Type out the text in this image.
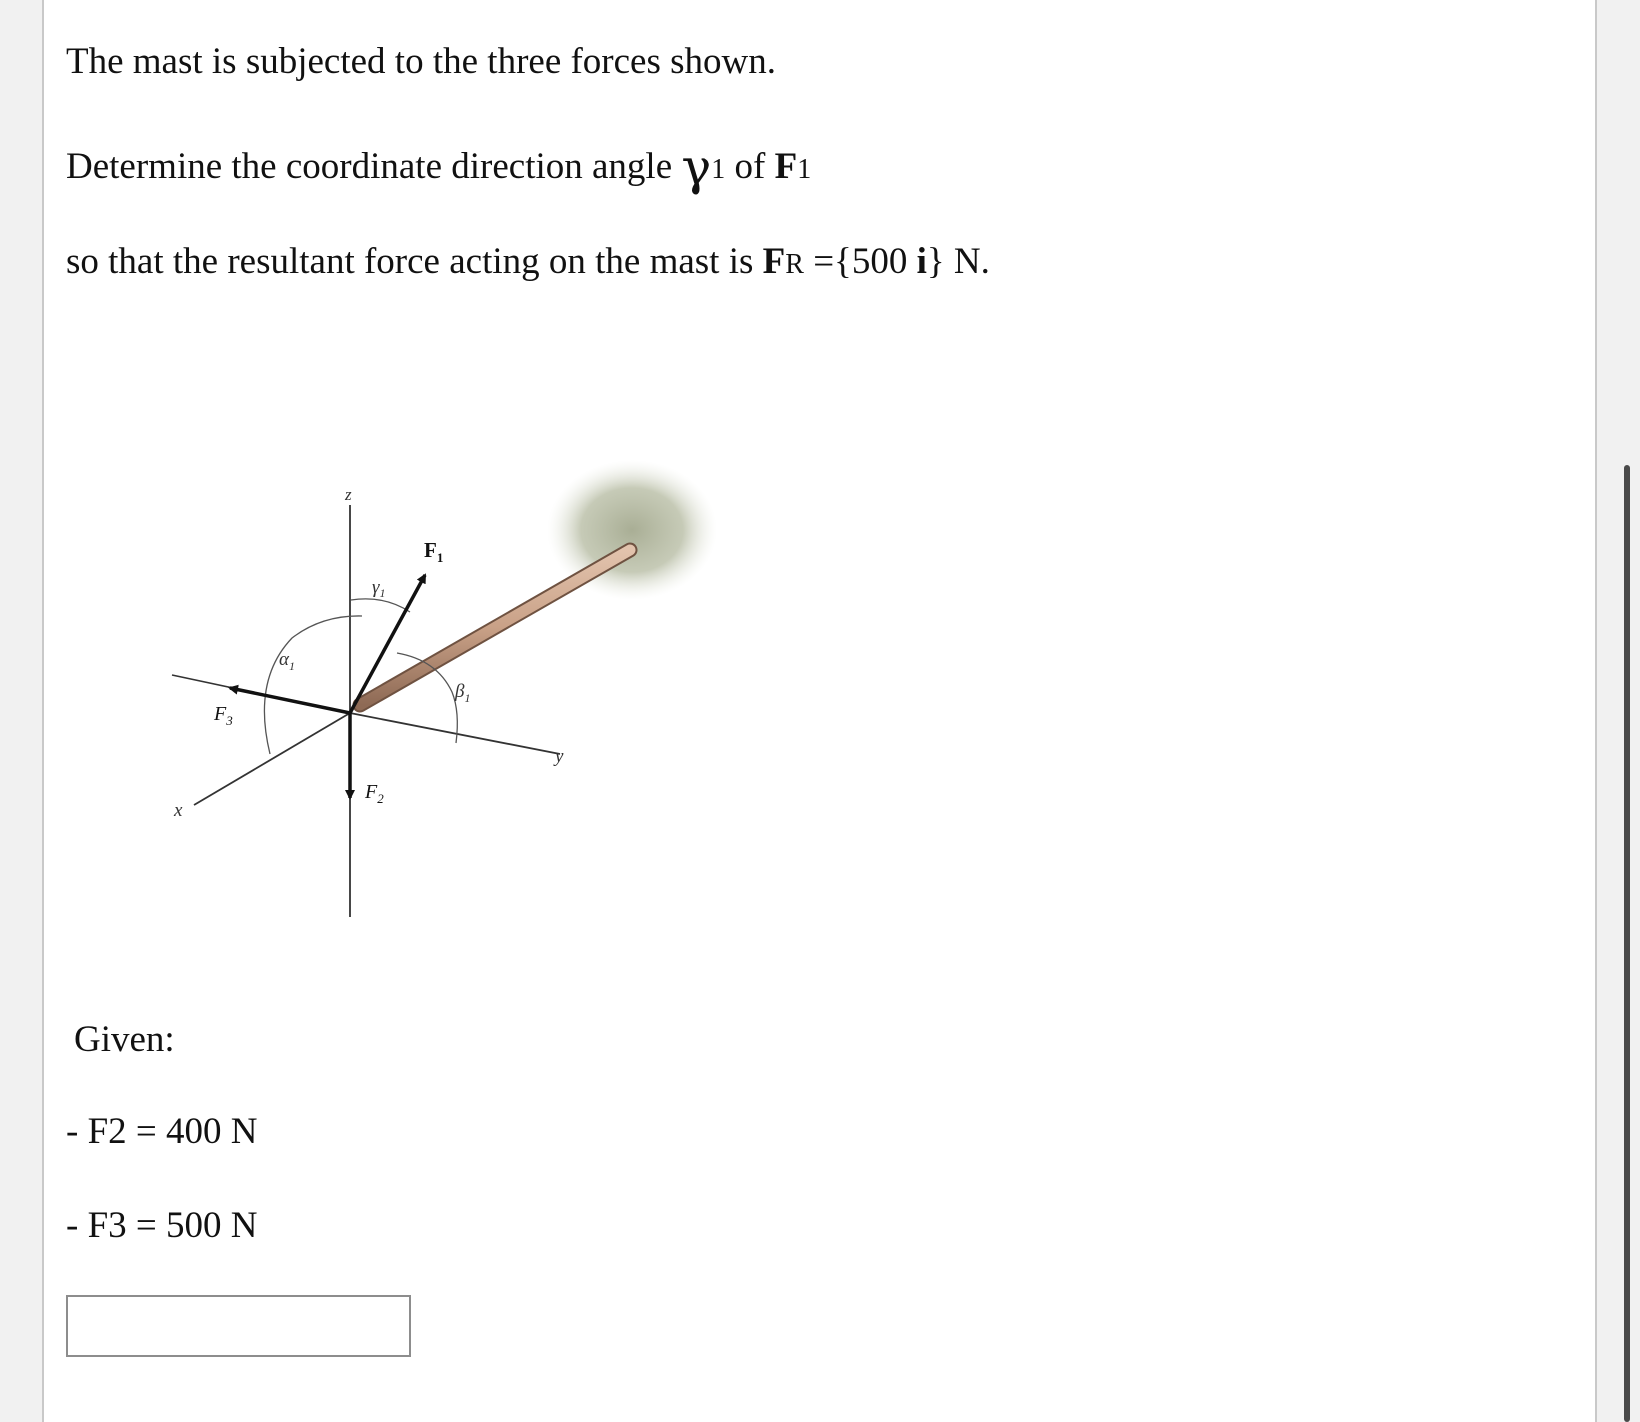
The mast is subjected to the three forces shown.

Determine the coordinate direction angle γ1 of F1

so that the resultant force acting on the mast is FR ={500 i} N.

z
x
y
$F_1$
$F_2$
$F_3$
$\alpha_1$
$\beta_1$
$\gamma_1$

Given:

- F2 = 400 N

- F3 = 500 N
